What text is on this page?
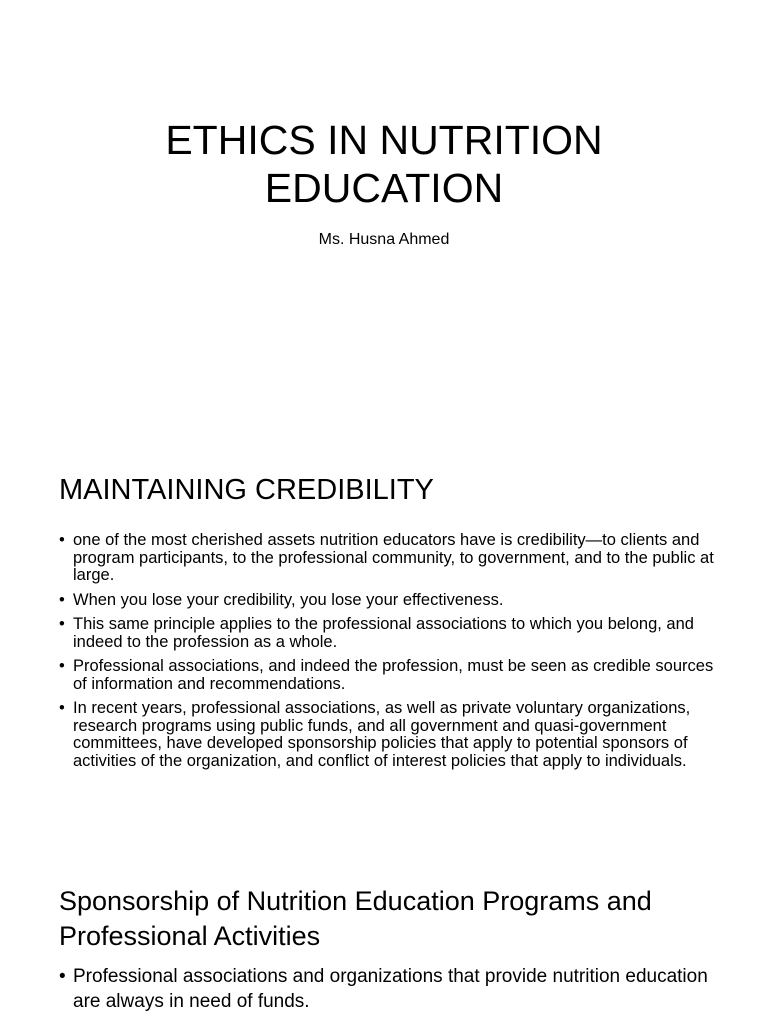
ETHICS IN NUTRITION
EDUCATION

Ms. Husna Ahmed

MAINTAINING CREDIBILITY
• one of the most cherished assets nutrition educators have is credibility—to clients and program participants, to the professional community, to government, and to the public at large.
• When you lose your credibility, you lose your effectiveness.
• This same principle applies to the professional associations to which you belong, and indeed to the profession as a whole.
• Professional associations, and indeed the profession, must be seen as credible sources of information and recommendations.
• In recent years, professional associations, as well as private voluntary organizations, research programs using public funds, and all government and quasi-government committees, have developed sponsorship policies that apply to potential sponsors of activities of the organization, and conflict of interest policies that apply to individuals.
Sponsorship of Nutrition Education Programs and Professional Activities
• Professional associations and organizations that provide nutrition education are always in need of funds.
